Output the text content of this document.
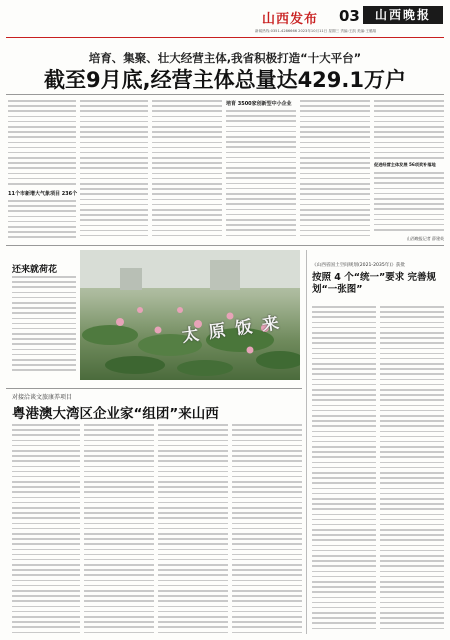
山西发布 03	山西晚报
新闻热线:0351-4286666 2023年10月11日 星期三 责编:王凯 美编:王璐翔
培育、集聚、壮大经营主体,我省积极打造“十大平台”
截至9月底,经营主体总量达429.1万户
11个市新增大气象项目 236个
培育 3500家创新型中小企业
促进经营主体发展 56项奖补落地
山西晚报记者 薛建英
还来就荷花
太 原 饭 来
对接洽谈文旅康养项目
粤港澳大湾区企业家“组团”来山西
《山西省国土空间规划(2021-2035年)》获批
按照 4 个“统一”要求 完善规划“一张图”
